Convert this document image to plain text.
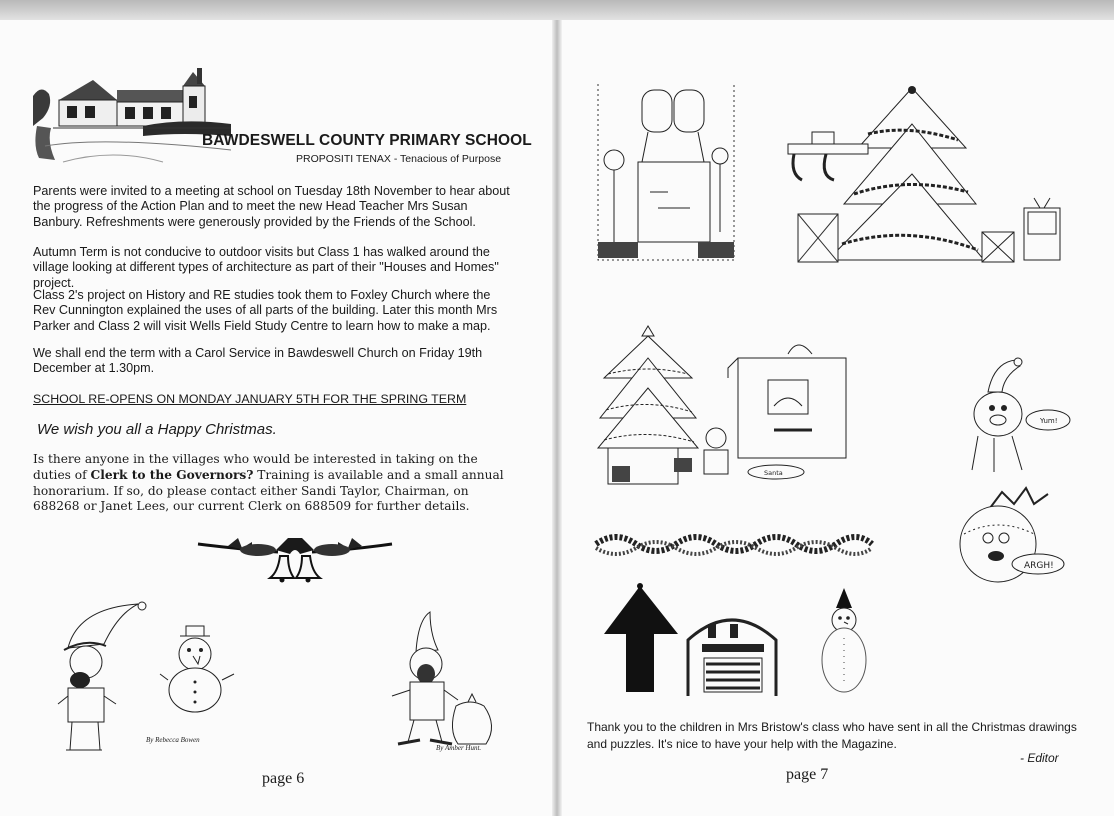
BAWDESWELL COUNTY PRIMARY SCHOOL
PROPOSITI TENAX - Tenacious of Purpose

Parents were invited to a meeting at school on Tuesday 18th November to hear about the progress of the Action Plan and to meet the new Head Teacher Mrs Susan Banbury. Refreshments were generously provided by the Friends of the School.

Autumn Term is not conducive to outdoor visits but Class 1 has walked around the village looking at different types of architecture as part of their "Houses and Homes" project.

Class 2's project on History and RE studies took them to Foxley Church where the Rev Cunnington explained the uses of all parts of the building. Later this month Mrs Parker and Class 2 will visit Wells Field Study Centre to learn how to make a map.

We shall end the term with a Carol Service in Bawdeswell Church on Friday 19th December at 1.30pm.

SCHOOL RE-OPENS ON MONDAY JANUARY 5TH FOR THE SPRING TERM
We wish you all a Happy Christmas.

Is there anyone in the villages who would be interested in taking on the duties of Clerk to the Governors? Training is available and a small annual honorarium. If so, do please contact either Sandi Taylor, Chairman, on 688268 or Janet Lees, our current Clerk on 688509 for further details.

By Rebecca Bowen
By Amber Hunt.
page 6
Santa
Yum!
ARGH!

Thank you to the children in Mrs Bristow's class who have sent in all the Christmas drawings and puzzles. It's nice to have your help with the Magazine.

- Editor
page 7
